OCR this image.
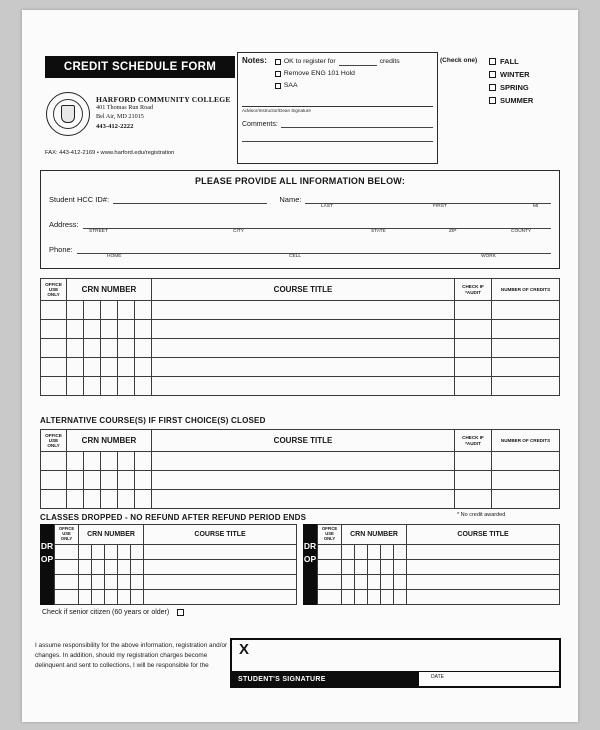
CREDIT SCHEDULE FORM
Notes:	OK to register for	credits
Remove ENG 101 Hold
SAA
Advisor/Instructor/Dean Signature
Comments:
(Check one)	FALL
WINTER
SPRING
SUMMER
HARFORD COMMUNITY COLLEGE
401 Thomas Run Road
Bel Air, MD 21015
443-412-2222
FAX: 443-412-2169 • www.harford.edu/registration
PLEASE PROVIDE ALL INFORMATION BELOW:
Student HCC ID#:	Name:
LAST	FIRST	MI
Address:
STREET	CITY	STATE	ZIP	COUNTY
Phone:
HOME	CELL	WORK
OFFICE USE ONLY	CRN NUMBER					COURSE TITLE	CHECK IF *AUDIT	NUMBER OF CREDITS

ALTERNATIVE COURSE(S) IF FIRST CHOICE(S) CLOSED
OFFICE USE ONLY	CRN NUMBER					COURSE TITLE	CHECK IF *AUDIT	NUMBER OF CREDITS

CLASSES DROPPED - NO REFUND AFTER REFUND PERIOD ENDS	* No credit awarded
DROP
OFFICE USE ONLY	CRN NUMBER					COURSE TITLE

DROP
OFFICE USE ONLY	CRN NUMBER					COURSE TITLE

Check if senior citizen (60 years or older)
I assume responsibility for the above information, registration and/or changes. In addition, should my registration charges become delinquent and sent to collections, I will be responsible for the
X
STUDENT'S SIGNATURE	DATE
